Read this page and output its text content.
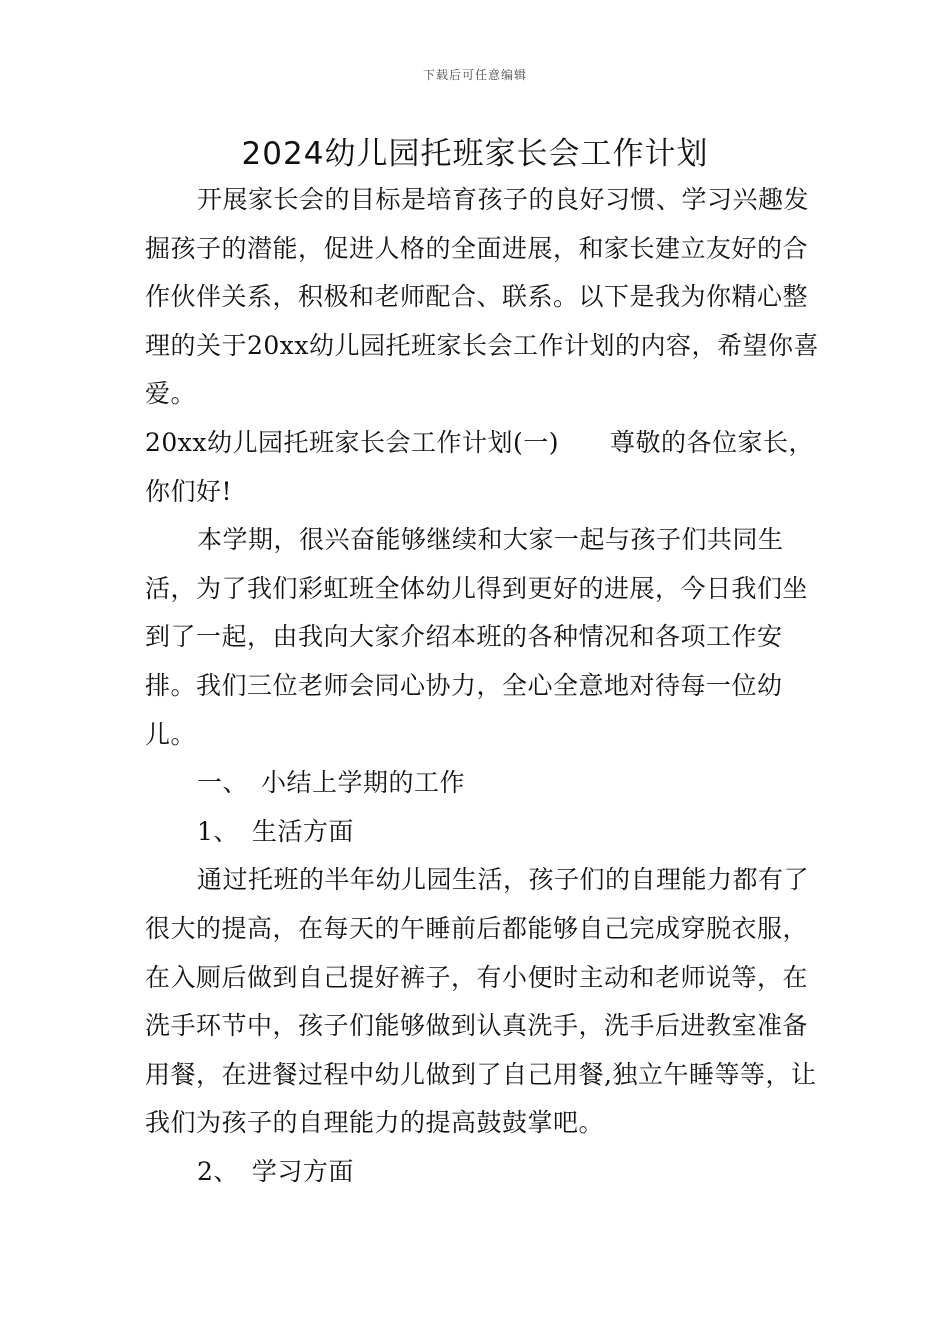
下载后可任意编辑
2024幼儿园托班家长会工作计划

开展家长会的目标是培育孩子的良好习惯、学习兴趣发掘孩子的潜能，促进人格的全面进展，和家长建立友好的合作伙伴关系，积极和老师配合、联系。以下是我为你精心整理的关于20xx幼儿园托班家长会工作计划的内容，希望你喜爱。

20xx幼儿园托班家长会工作计划(一)　　尊敬的各位家长，你们好!

本学期，很兴奋能够继续和大家一起与孩子们共同生活，为了我们彩虹班全体幼儿得到更好的进展，今日我们坐到了一起，由我向大家介绍本班的各种情况和各项工作安排。我们三位老师会同心协力，全心全意地对待每一位幼儿。

一、　小结上学期的工作

1、　生活方面

通过托班的半年幼儿园生活，孩子们的自理能力都有了很大的提高，在每天的午睡前后都能够自己完成穿脱衣服，在入厕后做到自己提好裤子，有小便时主动和老师说等，在洗手环节中，孩子们能够做到认真洗手，洗手后进教室准备用餐，在进餐过程中幼儿做到了自己用餐,独立午睡等等，让我们为孩子的自理能力的提高鼓鼓掌吧。

2、　学习方面
